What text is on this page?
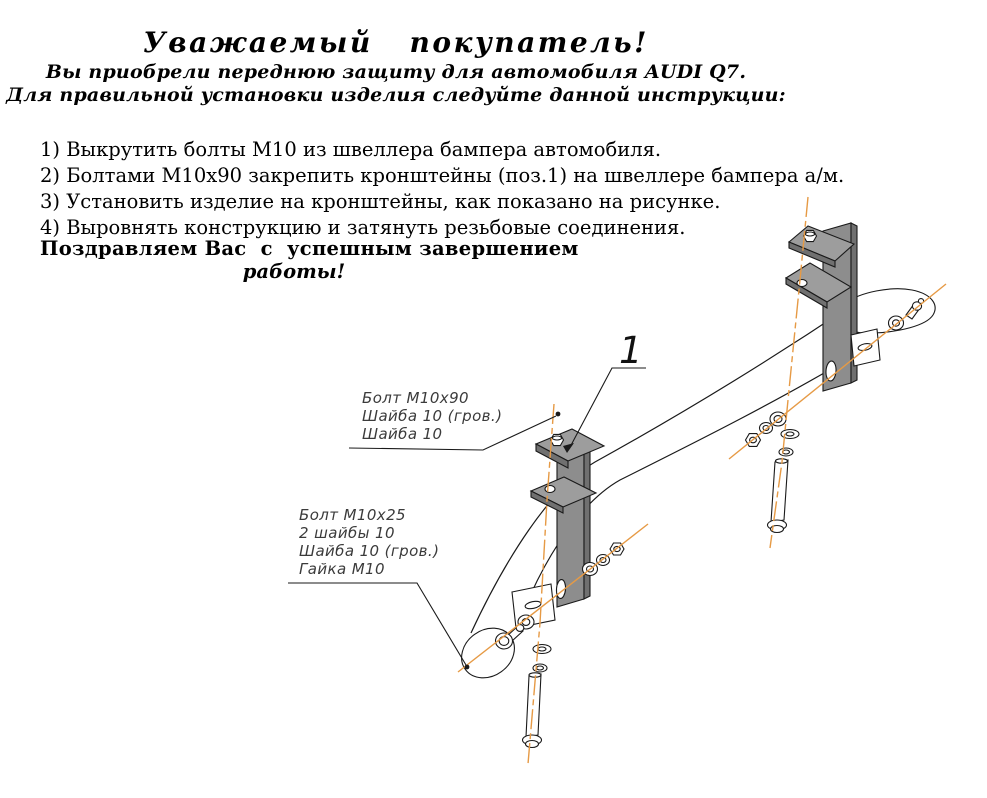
Уважаемый   покупатель!
Вы приобрели переднюю защиту для автомобиля AUDI Q7.
Для правильной установки изделия следуйте данной инструкции:
1) Выкрутить болты М10 из швеллера бампера автомобиля.
2) Болтами М10х90 закрепить кронштейны (поз.1) на швеллере бампера а/м.
3) Установить изделие на кронштейны, как показано на рисунке.
4) Выровнять конструкцию и затянуть резьбовые соединения.
Поздравляем Вас  с  успешным завершением
работы!
Болт М10х90
Шайба 10 (гров.)
Шайба 10
Болт М10х25
2 шайбы 10
Шайба 10 (гров.)
Гайка М10
1
